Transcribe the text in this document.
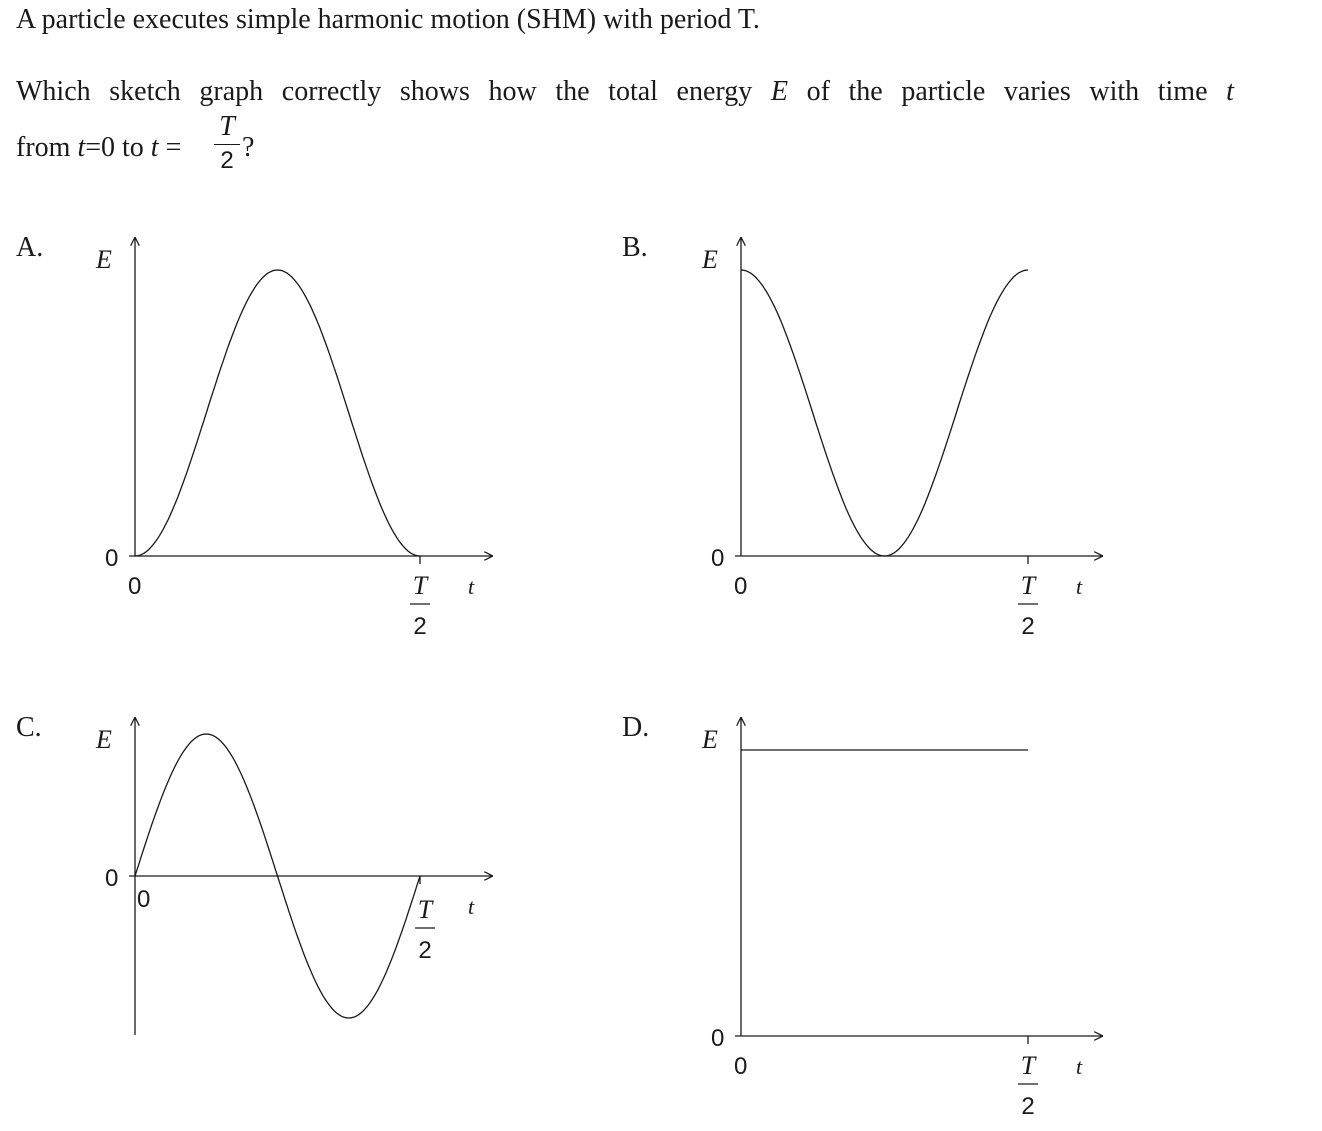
A particle executes simple harmonic motion (SHM) with period T.
Which sketch graph correctly shows how the total energy E of the particle varies with time t
from t=0 to t =
T
2 ?
A. E
t
0
0	T
2
B. E
t
0
0	T
2
C. E
t
0
0	T
2
D. E
t
0
0	T
2
